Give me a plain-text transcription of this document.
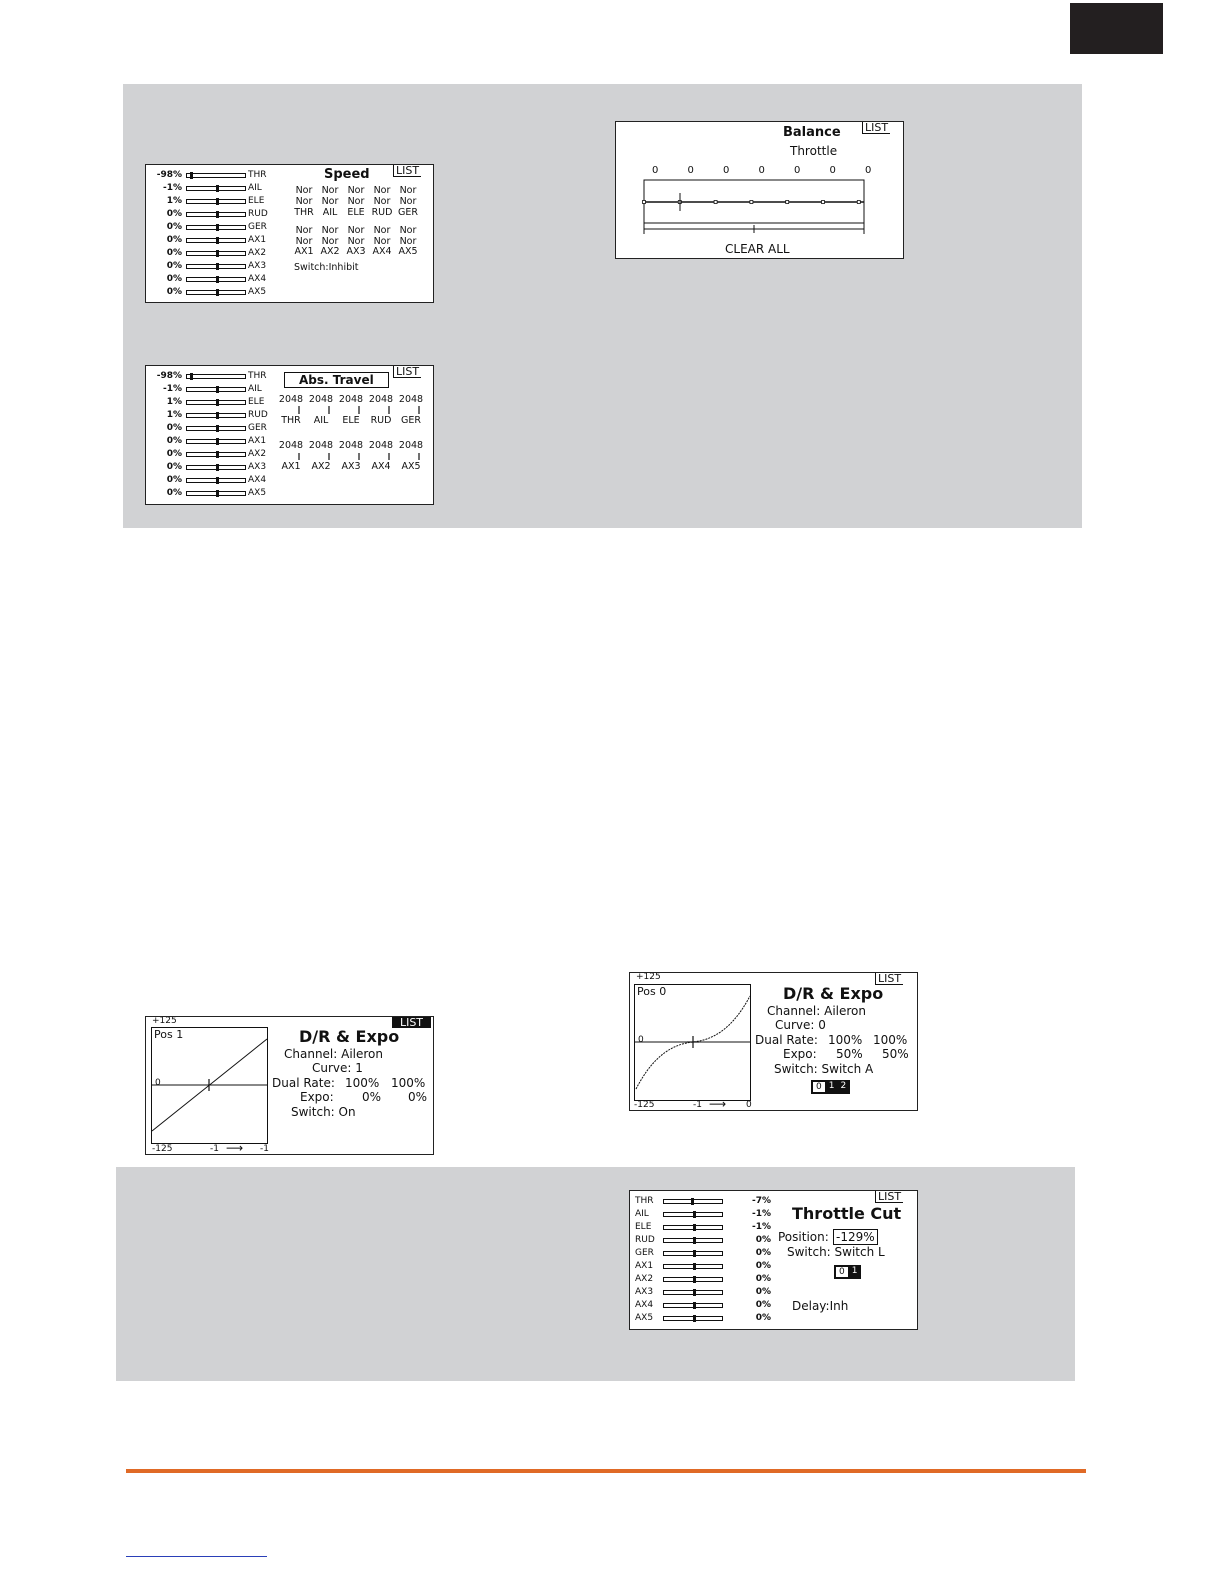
-98%	THR
-1%	AIL
1%	ELE
0%	RUD
0%	GER
0%	AX1
0%	AX2
0%	AX3
0%	AX4
0%	AX5
Speed LIST
Nor Nor Nor Nor Nor
Nor Nor Nor Nor Nor
THR AIL ELE RUD GER
Nor Nor Nor Nor Nor
Nor Nor Nor Nor Nor
AX1 AX2 AX3 AX4 AX5
Switch:Inhibit
-98%	THR
-1%	AIL
1%	ELE
1%	RUD
0%	GER
0%	AX1
0%	AX2
0%	AX3
0%	AX4
0%	AX5
Abs. Travel
LIST
2048 2048 2048 2048 2048
THR AIL ELE RUD GER
2048 2048 2048 2048 2048
AX1 AX2 AX3 AX4 AX5
Balance
Throttle
LIST
0	0	0	0	0	0	0
CLEAR ALL
+125	LIST
Pos 1
0
-125	-1 ⟶ -1
D/R & Expo
Channel: Aileron
Curve: 1
Dual Rate: 100% 100%
Expo: 0% 0%
Switch: On
+125	LIST
Pos 0
0
-125	-1 ⟶ 0
D/R & Expo
Channel: Aileron
Curve: 0
Dual Rate: 100% 100%
Expo: 50% 50%
Switch: Switch A
0 1 2
THR	-7%
AIL	-1%
ELE	-1%
RUD	0%
GER	0%
AX1	0%
AX2	0%
AX3	0%
AX4	0%
AX5	0%
LIST
Throttle Cut
Position: -129%
Switch: Switch L
0 1
Delay:Inh
